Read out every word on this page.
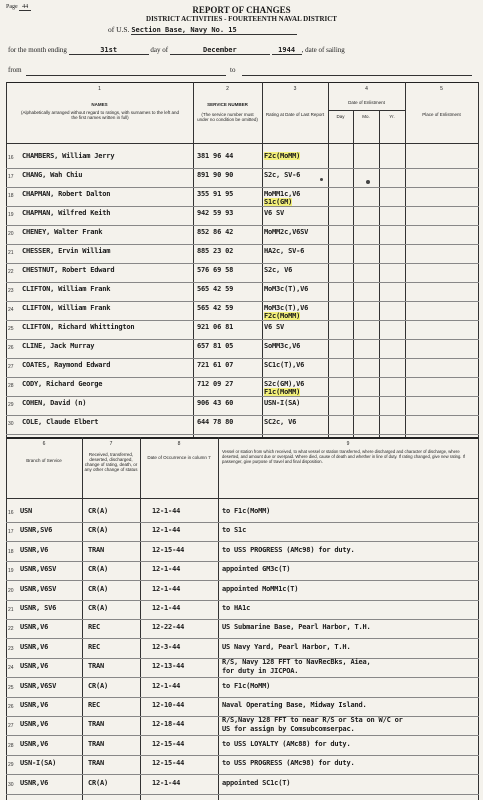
Page 44	REPORT OF CHANGES
DISTRICT ACTIVITIES - FOURTEENTH NAVAL DISTRICT
of U.S. Section Base, Navy No. 15
for the month ending	31st	day of	December	1944 , date of sailing
from	to
1
NAMES
(Alphabetically arranged without regard to ratings, with surnames to the left and the first names written in full)
2
SERVICE NUMBER
(The service number must under no condition be omitted)
3
Rating at Date of Last Report
4
Date of Enlistment
Day	Mo.	Yr.
5
Place of Enlistment
16 CHAMBERS, William Jerry	381 96 44	F2c(MoMM)
17 CHANG, Wah Chiu	891 90 90	S2c, SV-6
18 CHAPMAN, Robert Dalton	355 91 95	MoMM1c,V6
S1c(GM)
19 CHAPMAN, Wilfred Keith	942 59 93	V6 SV
20 CHENEY, Walter Frank	852 86 42	MoMM2c,V6SV
21 CHESSER, Ervin William	885 23 02	HA2c, SV-6
22 CHESTNUT, Robert Edward	576 69 58	S2c, V6
23 CLIFTON, William Frank	565 42 59	MoM3c(T),V6
24 CLIFTON, William Frank	565 42 59	MoM3c(T),V6
F2c(MoMM)
25 CLIFTON, Richard Whittington	921 06 81	V6 SV
26 CLINE, Jack Murray	657 81 05	SoMM3c,V6
27 COATES, Raymond Edward	721 61 07	SC1c(T),V6
28 CODY, Richard George	712 09 27	S2c(GM),V6
F1c(MoMM)
29 COHEN, David (n)	906 43 60	USN-I(SA)
30 COLE, Claude Elbert	644 78 80	SC2c, V6
6
Branch of Service
7
Received, transferred, deserted, discharged, change of rating, death, or any other change of status
8
Date of Occurrence in column 7
9
Vessel or station from which received, to what vessel or station transferred, where discharged and character of discharge, where deserted, and amount due or overpaid. Where died, cause of death and whether in line of duty. If rating changed, give new rating. If passenger, give purpose of travel and final disposition.
16 USN	CR(A)	12-1-44	to F1c(MoMM)
17 USNR,SV6	CR(A)	12-1-44	to S1c
18 USNR,V6	TRAN	12-15-44	to USS PROGRESS (AMc98) for duty.
19 USNR,V6SV	CR(A)	12-1-44	appointed GM3c(T)
20 USNR,V6SV	CR(A)	12-1-44	appointed MoMM1c(T)
21 USNR, SV6	CR(A)	12-1-44	to HA1c
22 USNR,V6	REC	12-22-44	US Submarine Base, Pearl Harbor, T.H.
23 USNR,V6	REC	12-3-44	US Navy Yard, Pearl Harbor, T.H.
24 USNR,V6	TRAN	12-13-44	R/S, Navy 128 FFT to NavRecBks, Aiea,
for duty in JICPOA.
25 USNR,V6SV	CR(A)	12-1-44	to F1c(MoMM)
26 USNR,V6	REC	12-10-44	Naval Operating Base, Midway Island.
27 USNR,V6	TRAN	12-18-44	R/S,Navy 128 FFT to near R/S or Sta on W/C or
US for assign by Comsubcomserpac.
28 USNR,V6	TRAN	12-15-44	to USS LOYALTY (AMc88) for duty.
29 USN-I(SA)	TRAN	12-15-44	to USS PROGRESS (AMc98) for duty.
30 USNR,V6	CR(A)	12-1-44	appointed SC1c(T)
